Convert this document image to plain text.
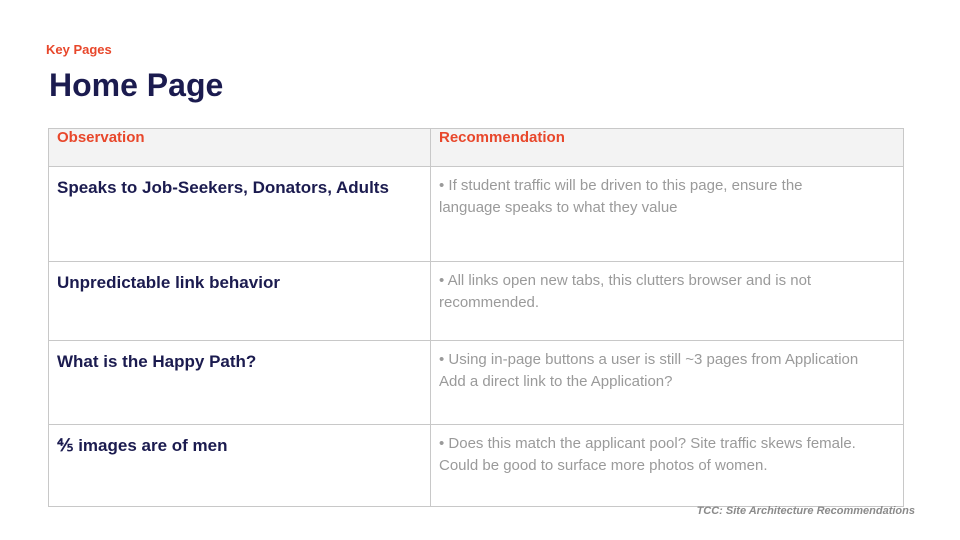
Key Pages
Home Page
Observation	Recommendation
Speaks to Job-Seekers, Donators, Adults	• If student traffic will be driven to this page, ensure the
language speaks to what they value

Unpredictable link behavior	• All links open new tabs, this clutters browser and is not
recommended.

What is the Happy Path?	• Using in-page buttons a user is still ~3 pages from Application
Add a direct link to the Application?

⅘ images are of men	• Does this match the applicant pool? Site traffic skews female.
Could be good to surface more photos of women.
TCC: Site Architecture Recommendations
